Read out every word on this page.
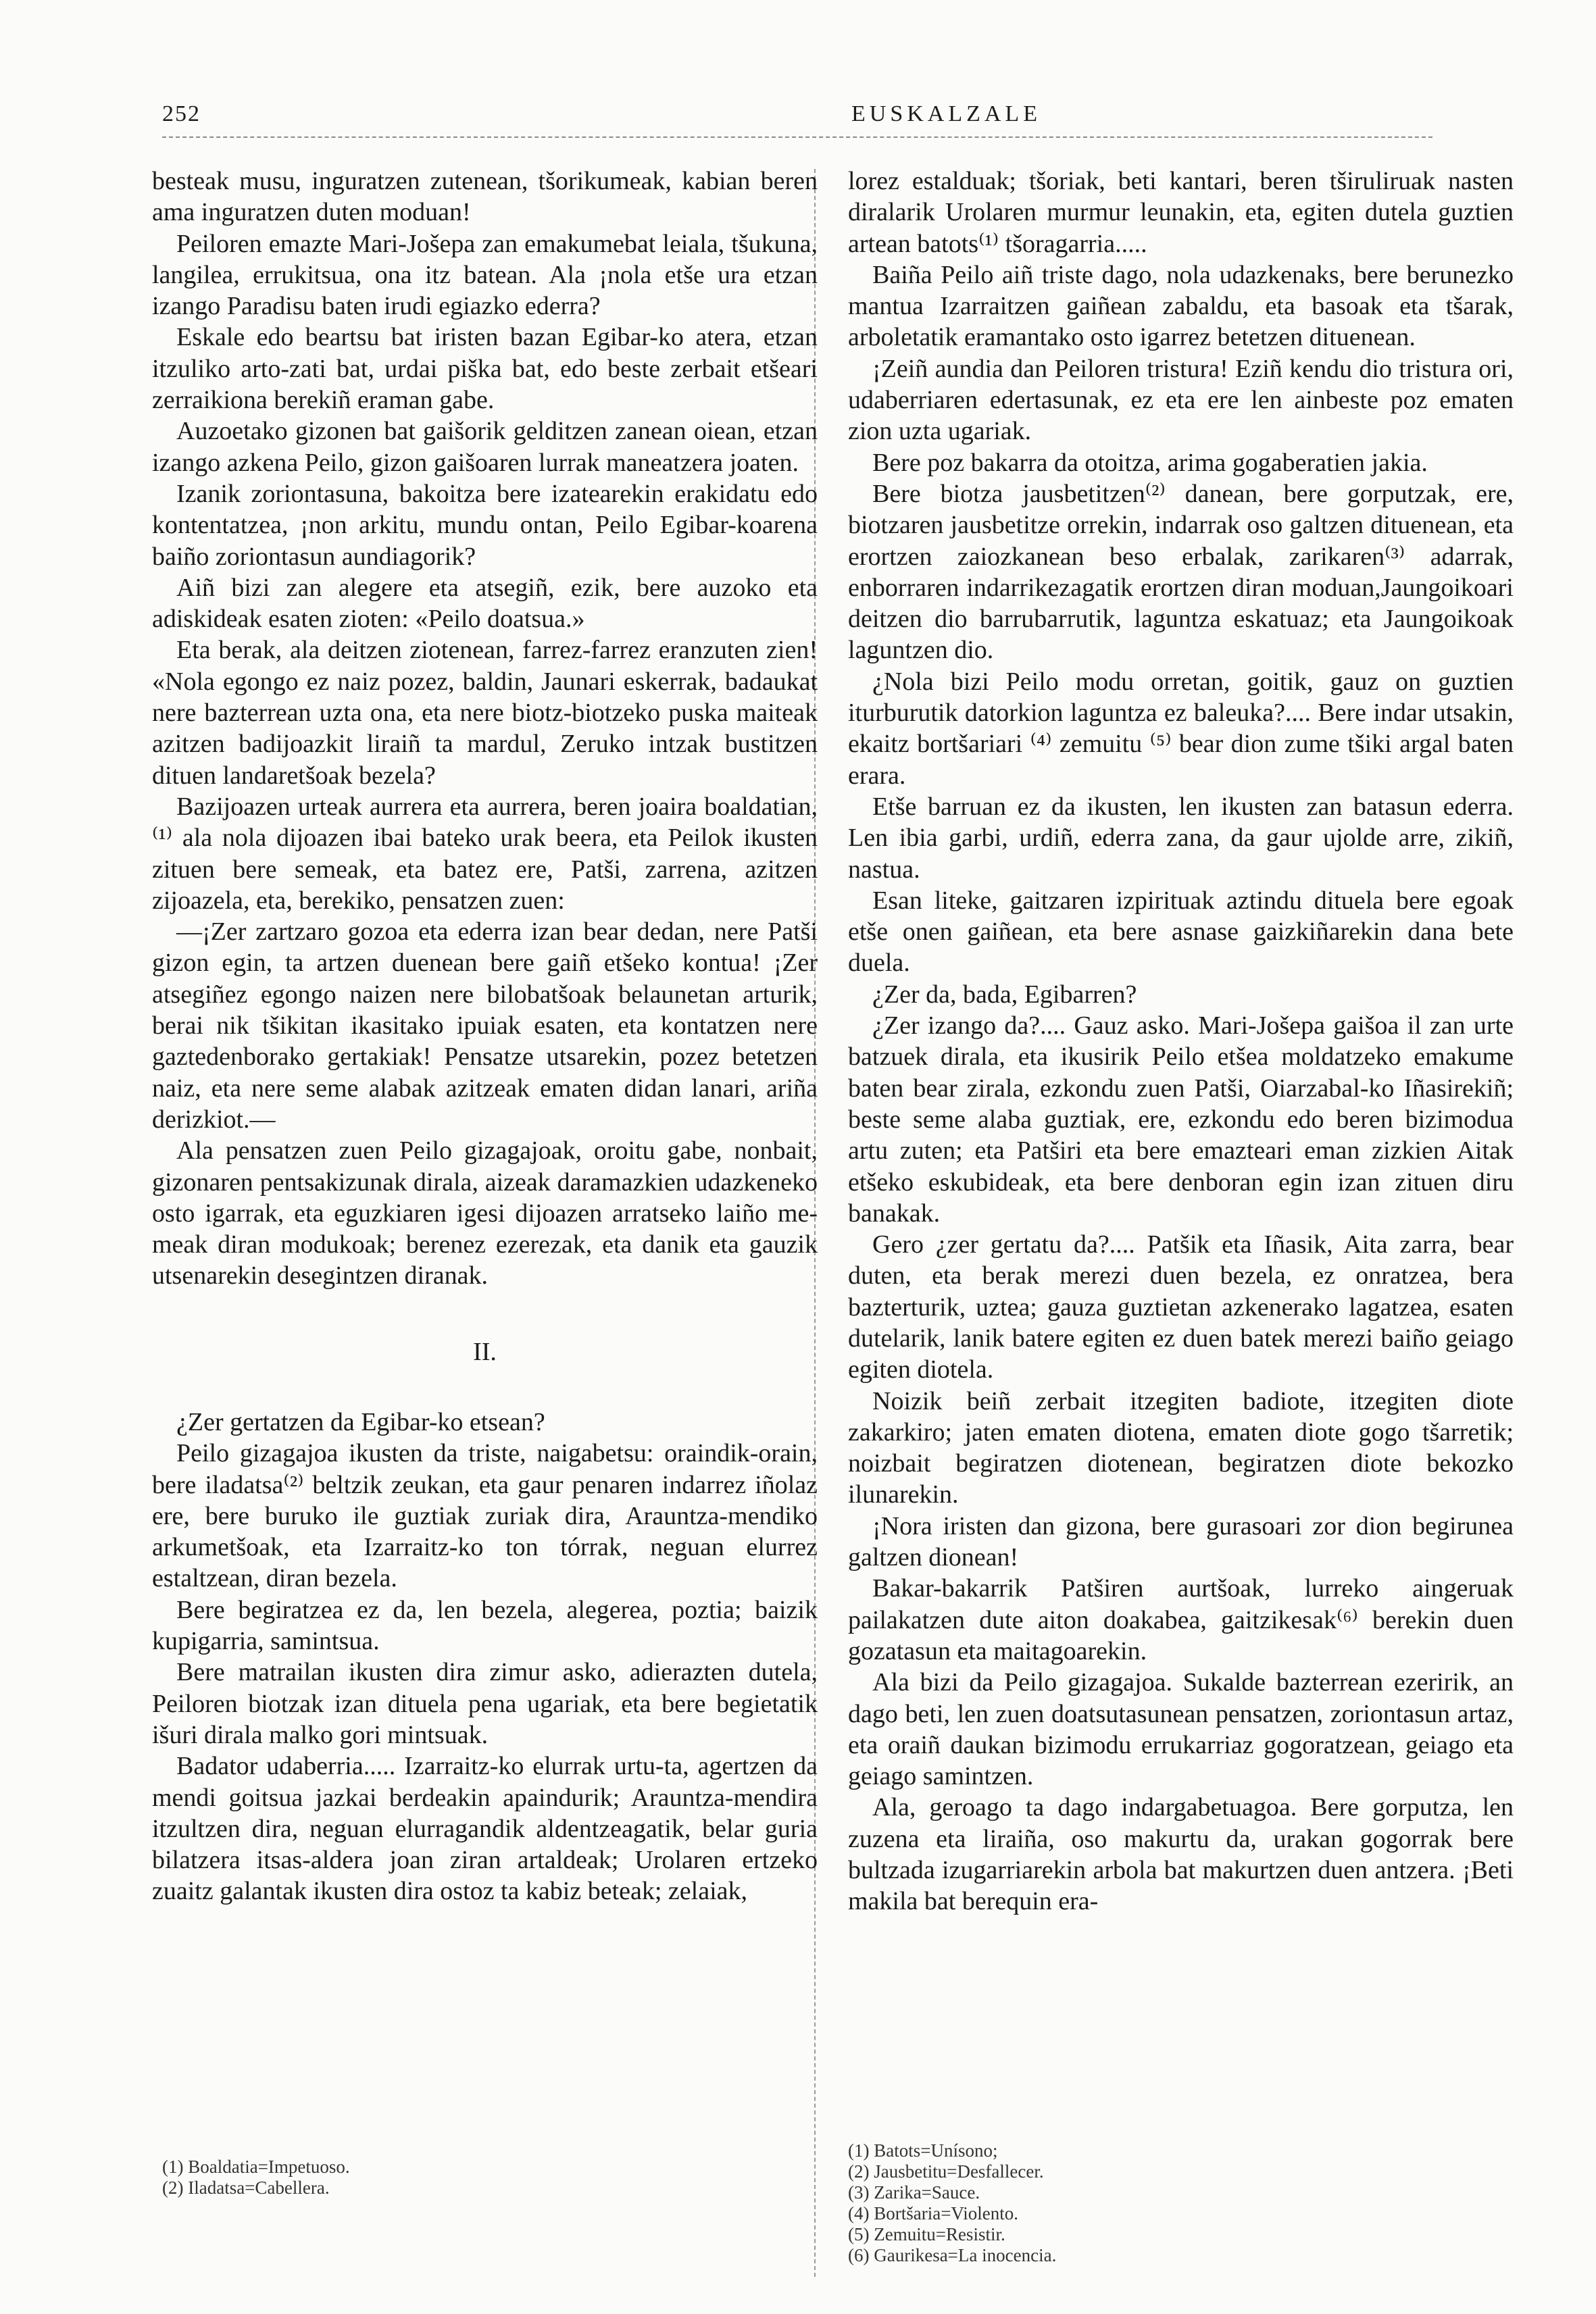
252	EUSKALZALE

besteak musu, inguratzen zutenean, tšorikumeak, kabian beren ama inguratzen duten moduan!

Peiloren emazte Mari-Jošepa zan emakumebat leiala, tšukuna, langilea, errukitsua, ona itz batean. Ala ¡nola etše ura etzan izango Paradisu baten irudi egiazko ederra?

Eskale edo beartsu bat iristen bazan Egibar-ko atera, etzan itzuliko arto-zati bat, urdai piška bat, edo beste zerbait etšeari zerraikiona berekiñ eraman gabe.

Auzoetako gizonen bat gaišorik gelditzen zanean oiean, etzan izango azkena Peilo, gizon gaišoaren lurrak maneatzera joaten.

Izanik zoriontasuna, bakoitza bere izatearekin erakidatu edo kontentatzea, ¡non arkitu, mundu ontan, Peilo Egibar-koarena baiño zoriontasun aundiagorik?

Aiñ bizi zan alegere eta atsegiñ, ezik, bere auzoko eta adiskideak esaten zioten: «Peilo doatsua.»

Eta berak, ala deitzen ziotenean, farrez-farrez eranzuten zien! «Nola egongo ez naiz pozez, baldin, Jaunari eskerrak, badaukat nere bazterrean uzta ona, eta nere biotz-biotzeko puska maiteak azitzen badijoazkit liraiñ ta mardul, Zeruko intzak bustitzen dituen landaretšoak bezela?

Bazijoazen urteak aurrera eta aurrera, beren joaira boaldatian,⁽¹⁾ ala nola dijoazen ibai bateko urak beera, eta Peilok ikusten zituen bere semeak, eta batez ere, Patši, zarrena, azitzen zijoazela, eta, berekiko, pensatzen zuen:

—¡Zer zartzaro gozoa eta ederra izan bear dedan, nere Patši gizon egin, ta artzen duenean bere gaiñ etšeko kontua! ¡Zer atsegiñez egongo naizen nere bilobatšoak belaunetan arturik, berai nik tšikitan ikasitako ipuiak esaten, eta kontatzen nere gaztedenborako gertakiak! Pensatze utsarekin, pozez betetzen naiz, eta nere seme alabak azitzeak ematen didan lanari, ariña derizkiot.—

Ala pensatzen zuen Peilo gizagajoak, oroitu gabe, nonbait, gizonaren pentsakizunak dirala, aizeak daramazkien udazkeneko osto igarrak, eta eguzkiaren igesi dijoazen arratseko laiño me-meak diran modukoak; berenez ezerezak, eta danik eta gauzik utsenarekin desegintzen diranak.

II.

¿Zer gertatzen da Egibar-ko etsean?

Peilo gizagajoa ikusten da triste, naigabetsu: oraindik-orain, bere iladatsa⁽²⁾ beltzik zeukan, eta gaur penaren indarrez iñolaz ere, bere buruko ile guztiak zuriak dira, Arauntza-mendiko arkumetšoak, eta Izarraitz-ko ton tórrak, neguan elurrez estaltzean, diran bezela.

Bere begiratzea ez da, len bezela, alegerea, poztia; baizik kupigarria, samintsua.

Bere matrailan ikusten dira zimur asko, adierazten dutela, Peiloren biotzak izan dituela pena ugariak, eta bere begietatik išuri dirala malko gori mintsuak.

Badator udaberria..... Izarraitz-ko elurrak urtu-ta, agertzen da mendi goitsua jazkai berdeakin apaindurik; Arauntza-mendira itzultzen dira, neguan elurragandik aldentzeagatik, belar guria bilatzera itsas-aldera joan ziran artaldeak; Urolaren ertzeko zuaitz galantak ikusten dira ostoz ta kabiz beteak; zelaiak,

(1) Boaldatia=Impetuoso.
(2) Iladatsa=Cabellera.

lorez estalduak; tšoriak, beti kantari, beren tširuliruak nasten diralarik Urolaren murmur leunakin, eta, egiten dutela guztien artean batots⁽¹⁾ tšoragarria.....

Baiña Peilo aiñ triste dago, nola udazkenaks, bere berunezko mantua Izarraitzen gaiñean zabaldu, eta basoak eta tšarak, arboletatik eramantako osto igarrez betetzen dituenean.

¡Zeiñ aundia dan Peiloren tristura! Eziñ kendu dio tristura ori, udaberriaren edertasunak, ez eta ere len ainbeste poz ematen zion uzta ugariak.

Bere poz bakarra da otoitza, arima gogaberatien jakia.

Bere biotza jausbetitzen⁽²⁾ danean, bere gorputzak, ere, biotzaren jausbetitze orrekin, indarrak oso galtzen dituenean, eta erortzen zaiozkanean beso erbalak, zarikaren⁽³⁾ adarrak, enborraren indarrikezagatik erortzen diran moduan,Jaungoikoari deitzen dio barrubarrutik, laguntza eskatuaz; eta Jaungoikoak laguntzen dio.

¿Nola bizi Peilo modu orretan, goitik, gauz on guztien iturburutik datorkion laguntza ez baleuka?.... Bere indar utsakin, ekaitz bortšariari ⁽⁴⁾ zemuitu ⁽⁵⁾ bear dion zume tšiki argal baten erara.

Etše barruan ez da ikusten, len ikusten zan batasun ederra. Len ibia garbi, urdiñ, ederra zana, da gaur ujolde arre, zikiñ, nastua.

Esan liteke, gaitzaren izpirituak aztindu dituela bere egoak etše onen gaiñean, eta bere asnase gaizkiñarekin dana bete duela.

¿Zer da, bada, Egibarren?

¿Zer izango da?.... Gauz asko. Mari-Jošepa gaišoa il zan urte batzuek dirala, eta ikusirik Peilo etšea moldatzeko emakume baten bear zirala, ezkondu zuen Patši, Oiarzabal-ko Iñasirekiñ; beste seme alaba guztiak, ere, ezkondu edo beren bizimodua artu zuten; eta Patširi eta bere emazteari eman zizkien Aitak etšeko eskubideak, eta bere denboran egin izan zituen diru banakak.

Gero ¿zer gertatu da?.... Patšik eta Iñasik, Aita zarra, bear duten, eta berak merezi duen bezela, ez onratzea, bera bazterturik, uztea; gauza guztietan azkenerako lagatzea, esaten dutelarik, lanik batere egiten ez duen batek merezi baiño geiago egiten diotela.

Noizik beiñ zerbait itzegiten badiote, itzegiten diote zakarkiro; jaten ematen diotena, ematen diote gogo tšarretik; noizbait begiratzen diotenean, begiratzen diote bekozko ilunarekin.

¡Nora iristen dan gizona, bere gurasoari zor dion begirunea galtzen dionean!

Bakar-bakarrik Patširen aurtšoak, lurreko aingeruak pailakatzen dute aiton doakabea, gaitzikesak⁽⁶⁾ berekin duen gozatasun eta maitagoarekin.

Ala bizi da Peilo gizagajoa. Sukalde bazterrean ezeririk, an dago beti, len zuen doatsutasunean pensatzen, zoriontasun artaz, eta oraiñ daukan bizimodu errukarriaz gogoratzean, geiago eta geiago samintzen.

Ala, geroago ta dago indargabetuagoa. Bere gorputza, len zuzena eta liraiña, oso makurtu da, urakan gogorrak bere bultzada izugarriarekin arbola bat makurtzen duen antzera. ¡Beti makila bat berequin era-

(1) Batots=Unísono;
(2) Jausbetitu=Desfallecer.
(3) Zarika=Sauce.
(4) Bortšaria=Violento.
(5) Zemuitu=Resistir.
(6) Gaurikesa=La inocencia.
